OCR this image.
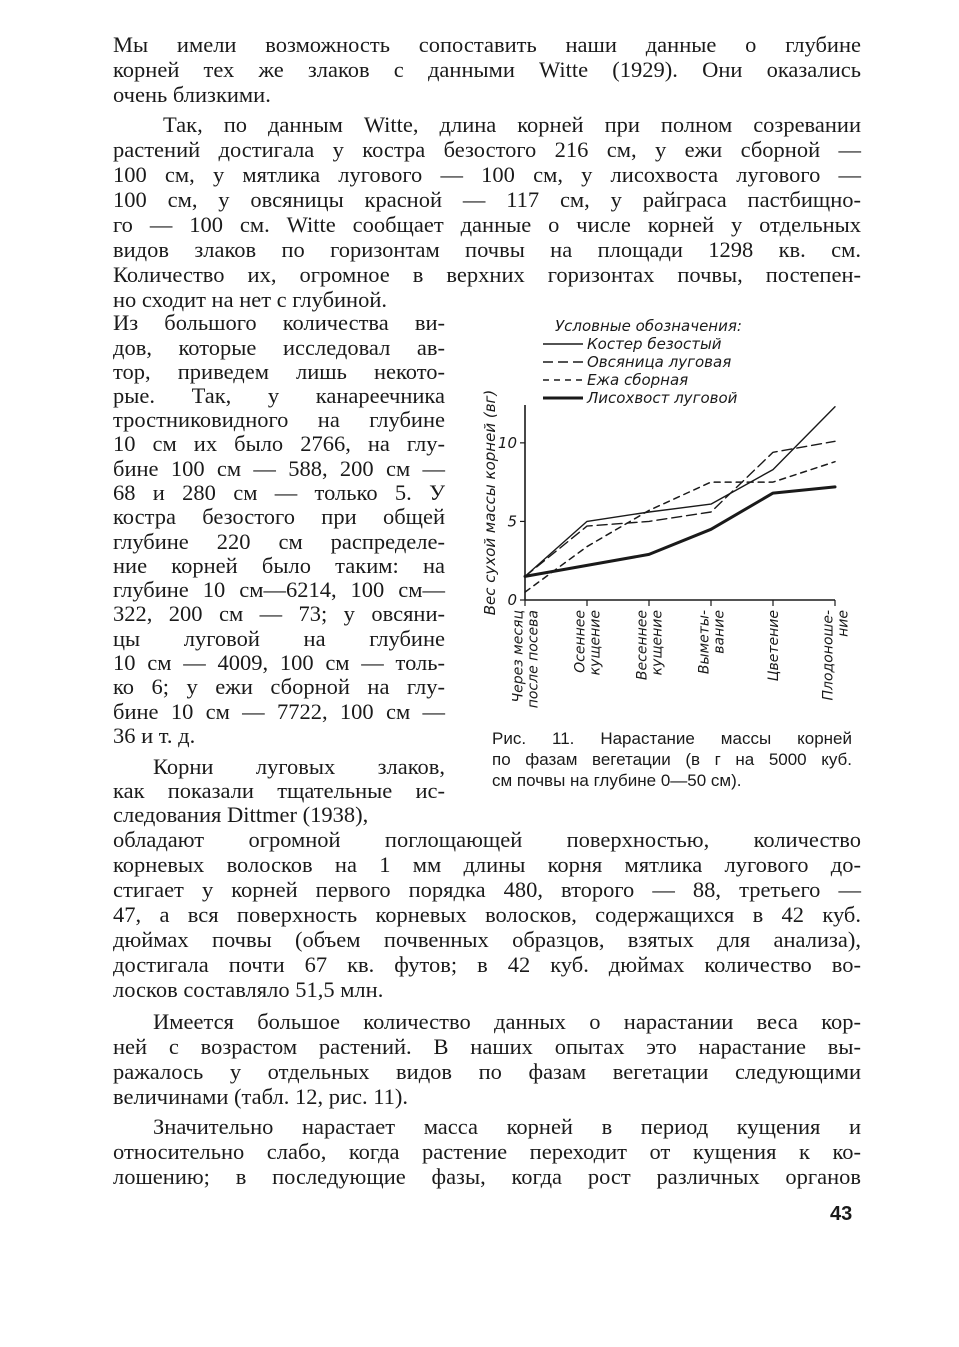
Мы имели возможность сопоставить наши данные о глубине
корней тех же злаков с данными Witte (1929). Они оказались
очень близкими.
Так, по данным Witte, длина корней при полном созревании
растений достигала у костра безостого 216 см, у ежи сборной —
100 см, у мятлика лугового — 100 см, у лисохвоста лугового —
100 см, у овсяницы красной — 117 см, у райграса пастбищно-
го — 100 см. Witte сообщает данные о числе корней у отдельных
видов злаков по горизонтам почвы на площади 1298 кв. см.
Количество их, огромное в верхних горизонтах почвы, постепен-
но сходит на нет с глубиной.
Из большого количества ви-
дов, которые исследовал ав-
тор, приведем лишь некото-
рые. Так, у канареечника
тростниковидного на глубине
10 см их было 2766, на глу-
бине 100 см — 588, 200 см —
68 и 280 см — только 5. У
костра безостого при общей
глубине 220 см распределе-
ние корней было таким: на
глубине 10 см—6214, 100 см—
322, 200 см — 73; у овсяни-
цы луговой на глубине
10 см — 4009, 100 см — толь-
ко 6; у ежи сборной на глу-
бине 10 см — 7722, 100 см —
36 и т. д.
Корни луговых злаков,
как показали тщательные ис-
следования Dittmer (1938),
обладают огромной поглощающей поверхностью, количество
корневых волосков на 1 мм длины корня мятлика лугового до-
стигает у корней первого порядка 480, второго — 88, третьего —
47, а вся поверхность корневых волосков, содержащихся в 42 куб.
дюймах почвы (объем почвенных образцов, взятых для анализа),
достигала почти 67 кв. футов; в 42 куб. дюймах количество во-
лосков составляло 51,5 млн.
Имеется большое количество данных о нарастании веса кор-
ней с возрастом растений. В наших опытах это нарастание вы-
ражалось у отдельных видов по фазам вегетации следующими
величинами (табл. 12, рис. 11).
Значительно нарастает масса корней в период кущения и
относительно слабо, когда растение переходит от кущения к ко-
лошению; в последующие фазы, когда рост различных органов
0
5
10
Вес сухой массы корней (вг)
Через месяц после посева Осеннее кущение Весеннее кущение Выметы- вание	Цветение	Плодоноше- ние
Условные обозначения:
Костер безостый
Овсяница луговая
Ежа сборная
Лисохвост луговой
Рис. 11. Нарастание массы корней
по фазам вегетации (в г на 5000 куб.
см почвы на глубине 0—50 см).
43
